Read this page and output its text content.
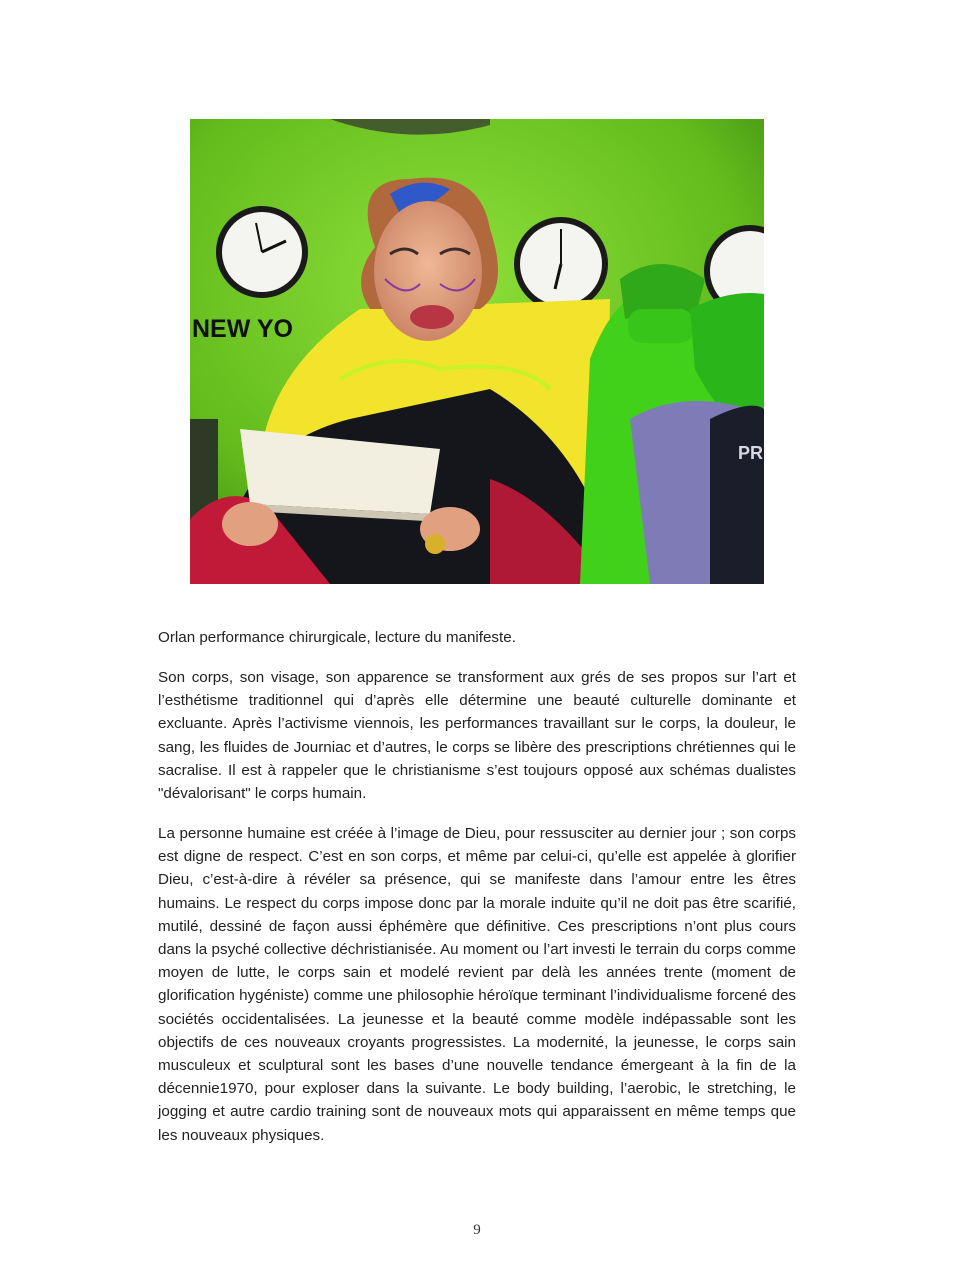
NEW YO
PR

Orlan performance chirurgicale, lecture du manifeste.

Son corps, son visage, son apparence se transforment aux grés de ses propos sur l’art et l’esthétisme traditionnel qui d’après elle détermine une beauté culturelle dominante et excluante. Après l’activisme viennois, les performances travaillant sur le corps, la douleur, le sang, les fluides de Journiac et d’autres, le corps se libère des prescriptions chrétiennes qui le sacralise. Il est à rappeler que le christianisme s’est toujours opposé aux schémas dualistes "dévalorisant" le corps humain.

La personne humaine est créée à l’image de Dieu, pour ressusciter au dernier jour ; son corps est digne de respect. C’est en son corps, et même par celui-ci, qu’elle est appelée à glorifier Dieu, c’est-à-dire à révéler sa présence, qui se manifeste dans l’amour entre les êtres humains. Le respect du corps impose donc par la morale induite qu’il ne doit pas être scarifié, mutilé, dessiné de façon aussi éphémère que définitive. Ces prescriptions n’ont plus cours dans la psyché collective déchristianisée. Au moment ou l’art investi le terrain du corps comme moyen de lutte, le corps sain et modelé revient par delà les années trente (moment de glorification hygéniste) comme une philosophie héroïque terminant l’individualisme forcené des sociétés occidentalisées. La jeunesse et la beauté comme modèle indépassable sont les objectifs de ces nouveaux croyants progressistes. La modernité, la jeunesse, le corps sain musculeux et sculptural sont les bases d’une nouvelle tendance émergeant à la fin de la décennie1970, pour exploser dans la suivante. Le body building, l’aerobic, le stretching, le jogging et autre cardio training sont de nouveaux mots qui apparaissent en même temps que les nouveaux physiques.

9
